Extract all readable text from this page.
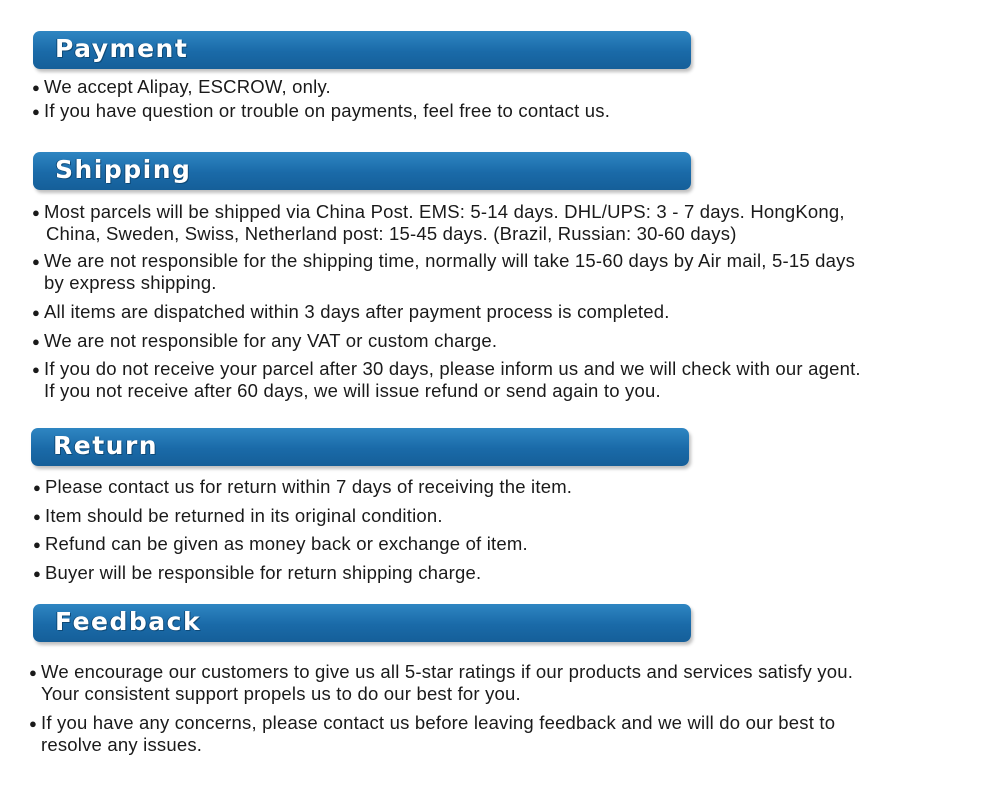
Payment
● We accept Alipay, ESCROW, only.
● If you have question or trouble on payments, feel free to contact us.
Shipping
● Most parcels will be shipped via China Post. EMS: 5-14 days. DHL/UPS: 3 - 7 days. HongKong,
China, Sweden, Swiss, Netherland post: 15-45 days. (Brazil, Russian: 30-60 days)
● We are not responsible for the shipping time, normally will take 15-60 days by Air mail, 5-15 days
by express shipping.
● All items are dispatched within 3 days after payment process is completed.
● We are not responsible for any VAT or custom charge.
● If you do not receive your parcel after 30 days, please inform us and we will check with our agent.
If you not receive after 60 days, we will issue refund or send again to you.
Return
● Please contact us for return within 7 days of receiving the item.
● Item should be returned in its original condition.
● Refund can be given as money back or exchange of item.
● Buyer will be responsible for return shipping charge.
Feedback
● We encourage our customers to give us all 5-star ratings if our products and services satisfy you.
Your consistent support propels us to do our best for you.
● If you have any concerns, please contact us before leaving feedback and we will do our best to
resolve any issues.
